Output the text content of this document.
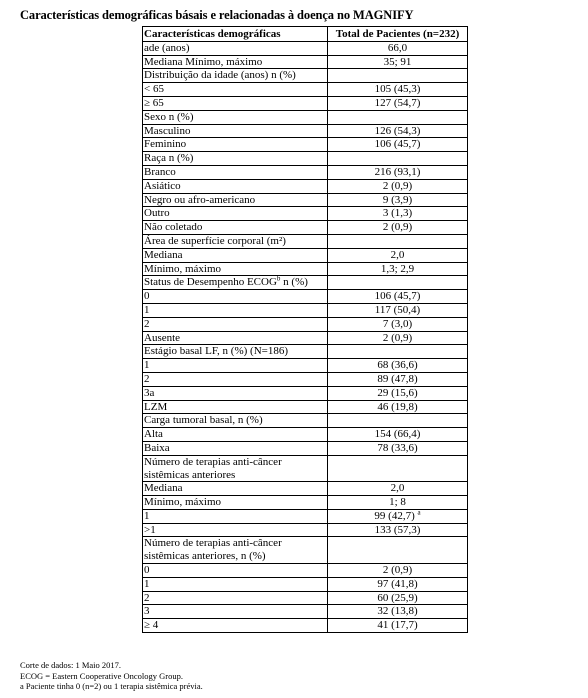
Características demográficas básais e relacionadas à doença no MAGNIFY
Características demográficas	Total de Pacientes (n=232)
ade (anos)	66,0
Mediana Mínimo, máximo	35; 91
Distribuição da idade (anos) n (%)	
< 65	105 (45,3)
≥ 65	127 (54,7)
Sexo n (%)	
Masculino	126 (54,3)
Feminino	106 (45,7)
Raça n (%)	
Branco	216 (93,1)
Asiático	2 (0,9)
Negro ou afro-americano	9 (3,9)
Outro	3 (1,3)
Não coletado	2 (0,9)
Área de superfície corporal (m²)	
Mediana	2,0
Mínimo, máximo	1,3; 2,9
Status de Desempenho ECOG$^b$ n (%)	
0	106 (45,7)
1	117 (50,4)
2	7 (3,0)
Ausente	2 (0,9)
Estágio basal LF, n (%) (N=186)	
1	68 (36,6)
2	89 (47,8)
3a	29 (15,6)
LZM	46 (19,8)
Carga tumoral basal, n (%)	
Alta	154 (66,4)
Baixa	78 (33,6)
Número de terapias anti-câncer sistêmicas anteriores	
Mediana	2,0
Mínimo, máximo	1; 8
1	99 (42,7) $^a$
>1	133 (57,3)
Número de terapias anti-câncer sistêmicas anteriores, n (%)	
0	2 (0,9)
1	97 (41,8)
2	60 (25,9)
3	32 (13,8)
≥ 4	41 (17,7)
Corte de dados: 1 Maio 2017.
ECOG = Eastern Cooperative Oncology Group.
a Paciente tinha 0 (n=2) ou 1 terapia sistêmica prévia.
